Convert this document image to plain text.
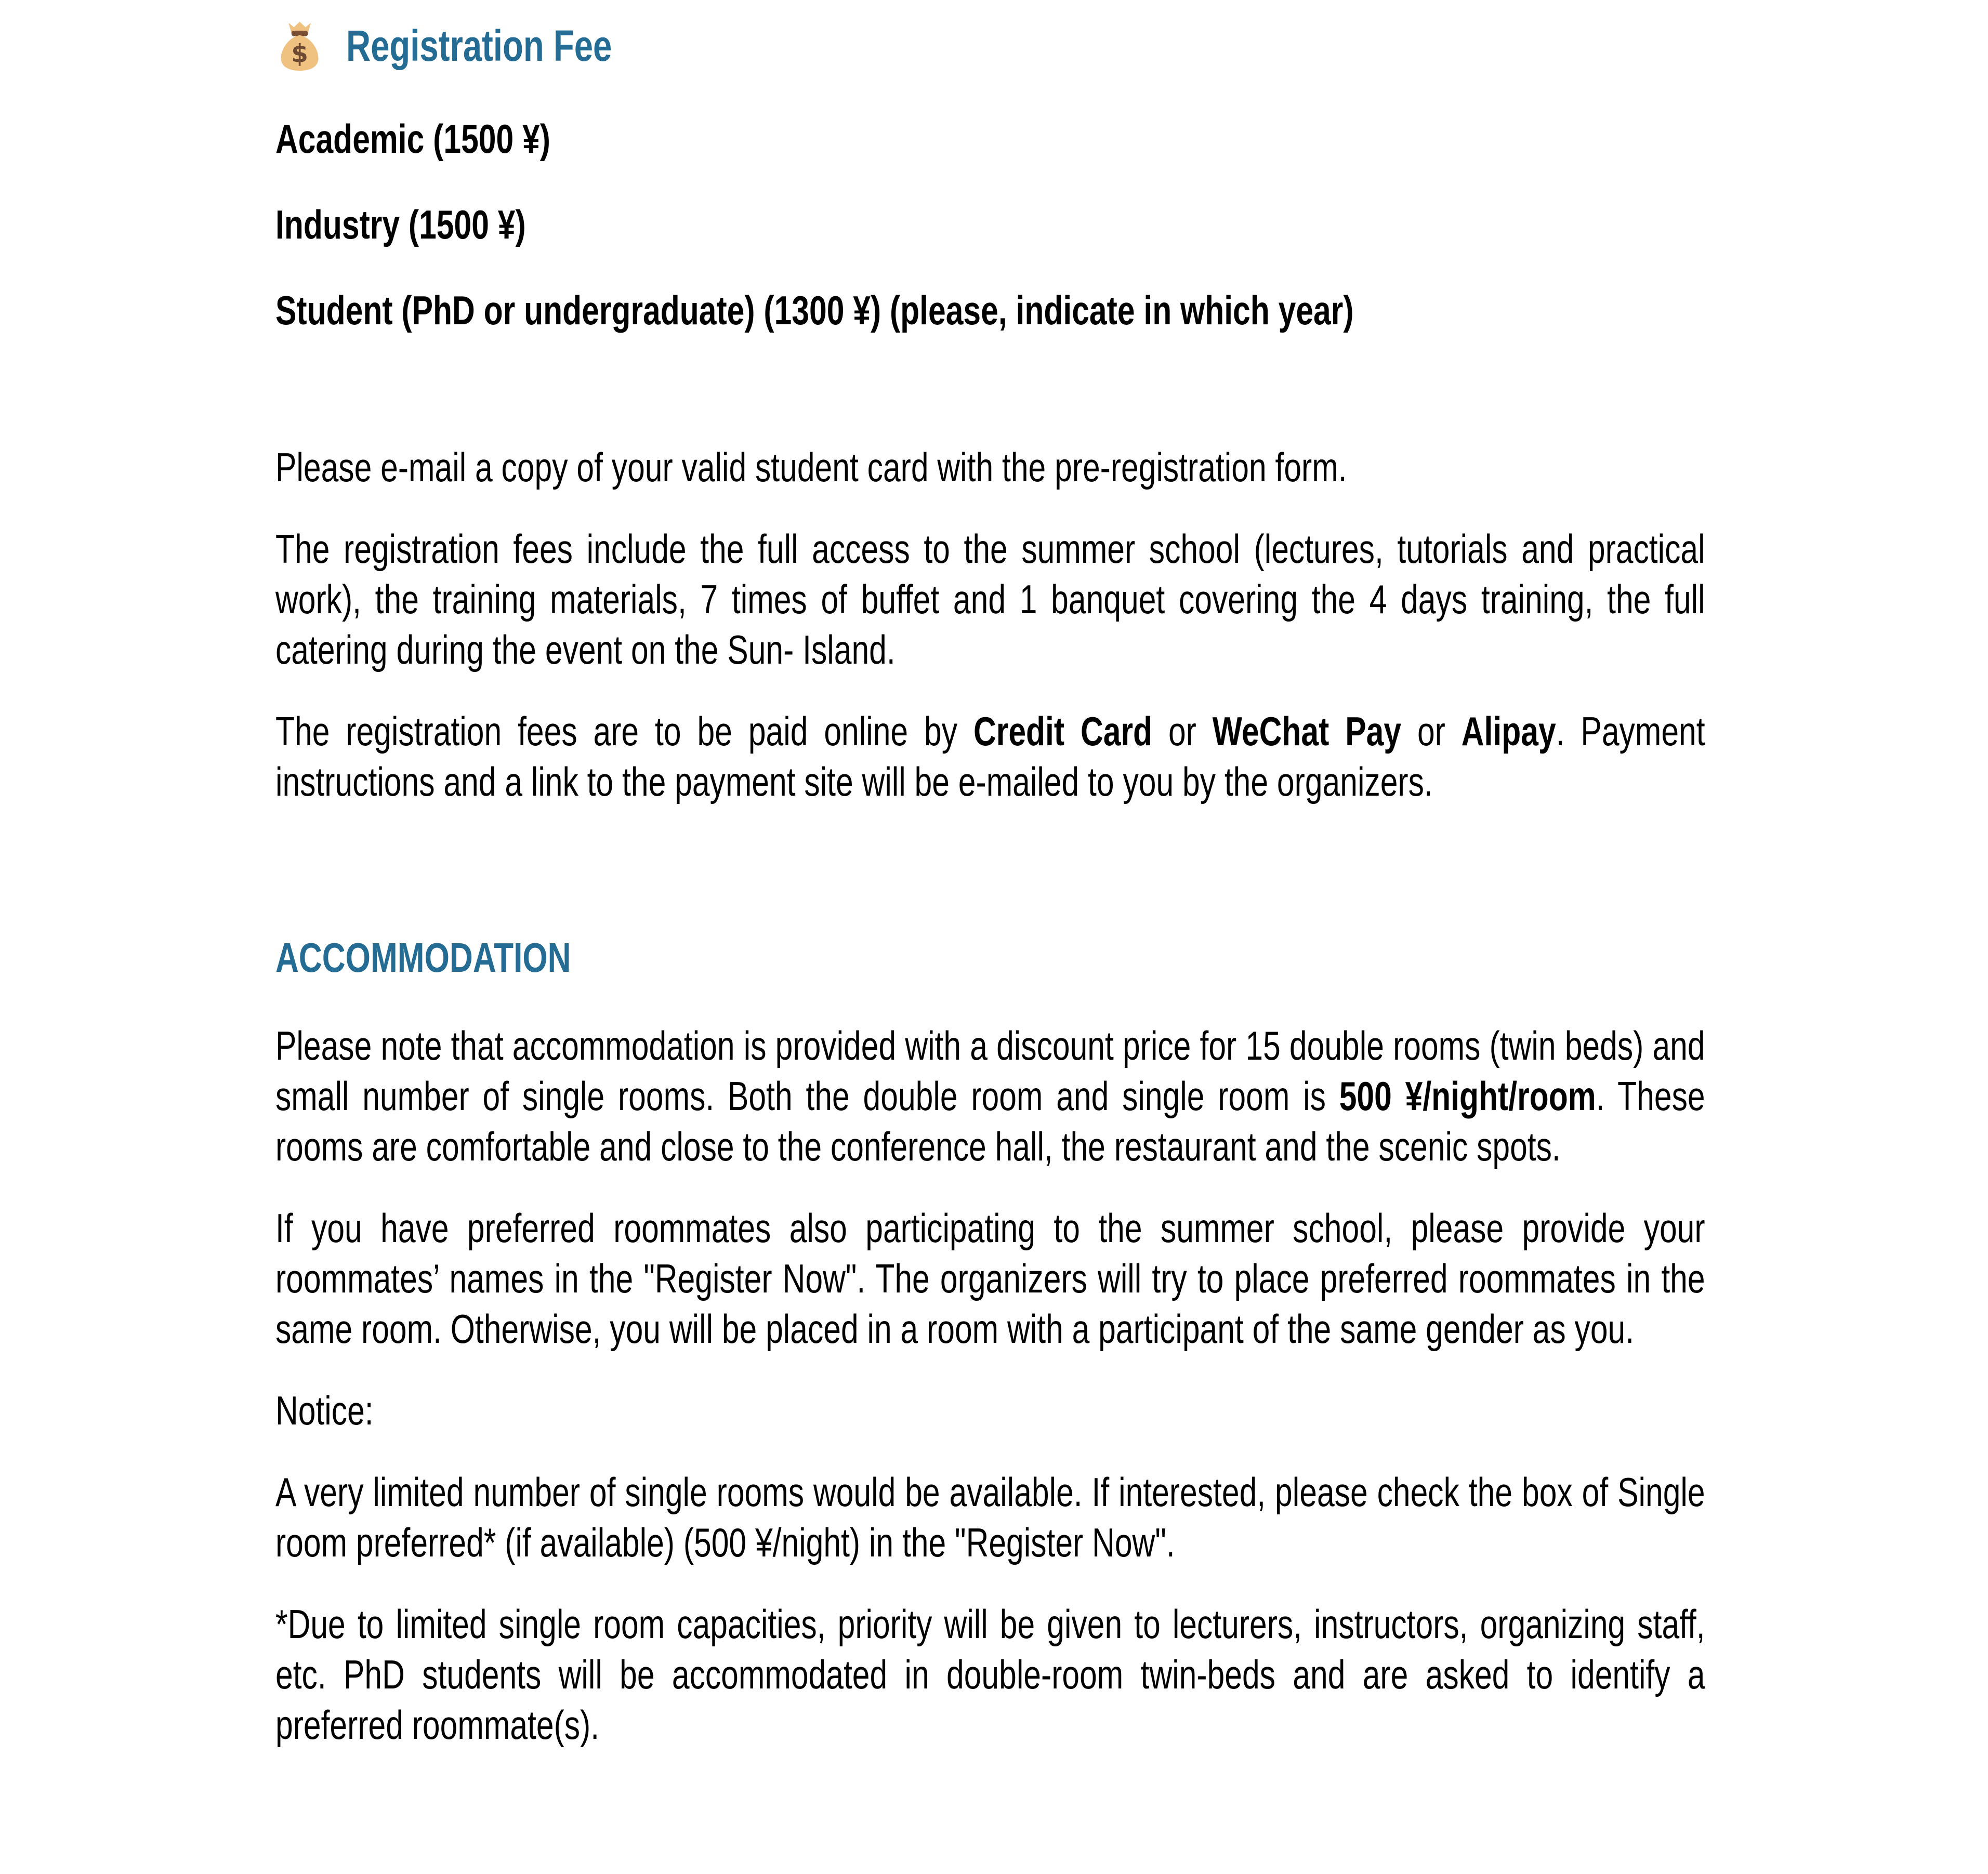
$ Registration Fee

Academic (1500 ¥)

Industry (1500 ¥)

Student (PhD or undergraduate) (1300 ¥) (please, indicate in which year)

Please e-mail a copy of your valid student card with the pre-registration form.

The registration fees include the full access to the summer school (lectures, tutorials and practical work), the training materials, 7 times of buffet and 1 banquet covering the 4 days training, the full catering during the event on the Sun- Island.

The registration fees are to be paid online by Credit Card or WeChat Pay or Alipay. Payment instructions and a link to the payment site will be e-mailed to you by the organizers.

ACCOMMODATION

Please note that accommodation is provided with a discount price for 15 double rooms (twin beds) and small number of single rooms. Both the double room and single room is 500 ¥/night/room. These rooms are comfortable and close to the conference hall, the restaurant and the scenic spots.

If you have preferred roommates also participating to the summer school, please provide your roommates’ names in the "Register Now". The organizers will try to place preferred roommates in the same room. Otherwise, you will be placed in a room with a participant of the same gender as you.

Notice:

A very limited number of single rooms would be available. If interested, please check the box of Single room preferred* (if available) (500 ¥/night) in the "Register Now".

*Due to limited single room capacities, priority will be given to lecturers, instructors, organizing staff, etc. PhD students will be accommodated in double-room twin-beds and are asked to identify a preferred roommate(s).
